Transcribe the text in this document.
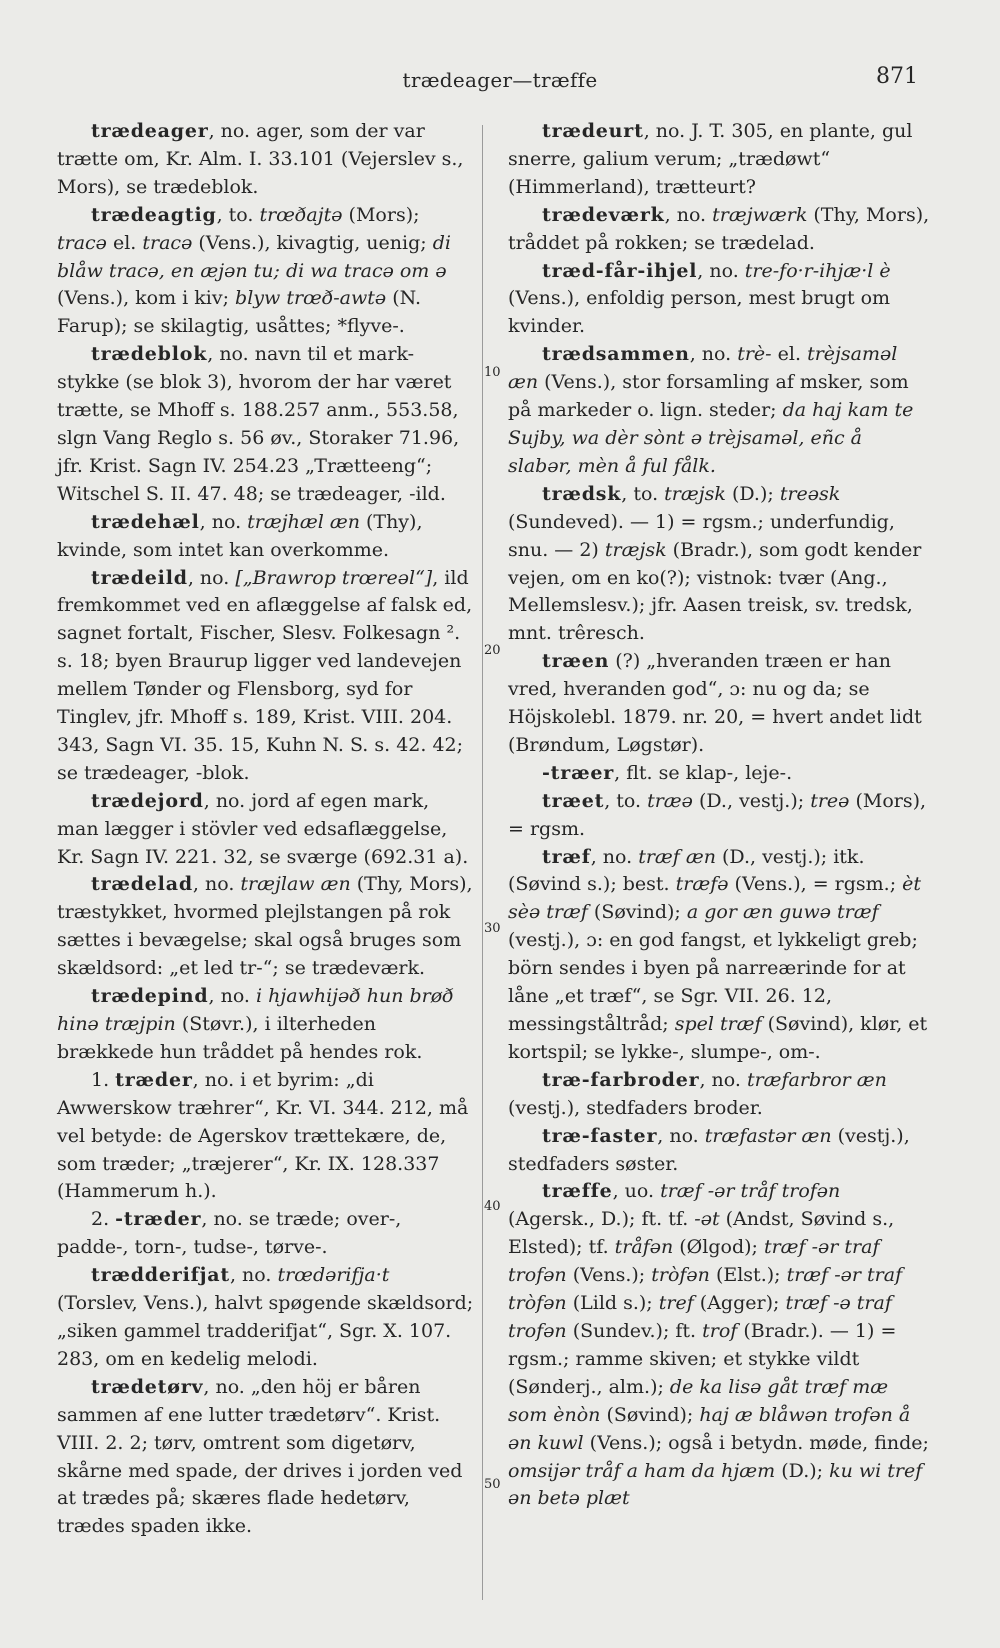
trædeager—træffe	871

trædeager, no. ager, som der var trætte om, Kr. Alm. I. 33.101 (Vejerslev s., Mors), se trædeblok.

trædeagtig, to. trœðajtə (Mors); tracə el. tracə (Vens.), kivagtig, uenig; di blåw tracə, en æjən tu; di wa tracə om ə (Vens.), kom i kiv; blyw trœð-awtə (N. Farup); se skilagtig, usåttes; *flyve-.

trædeblok, no. navn til et mark-stykke (se blok 3), hvorom der har været trætte, se Mhoff s. 188.257 anm., 553.58, slgn Vang Reglo s. 56 øv., Storaker 71.96, jfr. Krist. Sagn IV. 254.23 „Trætteeng“; Witschel S. II. 47. 48; se trædeager, -ild.

trædehæl, no. træjhæl æn (Thy), kvinde, som intet kan overkomme.

trædeild, no. [„Brawrop trœreəl“], ild fremkommet ved en aflæggelse af falsk ed, sagnet fortalt, Fischer, Slesv. Folkesagn ². s. 18; byen Braurup ligger ved landevejen mellem Tønder og Flensborg, syd for Tinglev, jfr. Mhoff s. 189, Krist. VIII. 204. 343, Sagn VI. 35. 15, Kuhn N. S. s. 42. 42; se trædeager, -blok.

trædejord, no. jord af egen mark, man lægger i stövler ved edsaflæggelse, Kr. Sagn IV. 221. 32, se sværge (692.31 a).

trædelad, no. træjlaw æn (Thy, Mors), træstykket, hvormed plejlstangen på rok sættes i bevægelse; skal også bruges som skældsord: „et led tr-“; se trædeværk.

trædepind, no. i hjawhijəð hun brøð hinə træjpin (Støvr.), i ilterheden brækkede hun tråddet på hendes rok.

1. træder, no. i et byrim: „di Awwerskow træhrer“, Kr. VI. 344. 212, må vel betyde: de Agerskov trættekære, de, som træder; „træjerer“, Kr. IX. 128.337 (Hammerum h.).

2. -træder, no. se træde; over-, padde-, torn-, tudse-, tørve-.

trædderifjat, no. trœdərifja·t (Torslev, Vens.), halvt spøgende skældsord; „siken gammel tradderifjat“, Sgr. X. 107. 283, om en kedelig melodi.

trædetørv, no. „den höj er båren sammen af ene lutter trædetørv“. Krist. VIII. 2. 2; tørv, omtrent som digetørv, skårne med spade, der drives i jorden ved at trædes på; skæres flade hedetørv, trædes spaden ikke.

trædeurt, no. J. T. 305, en plante, gul snerre, galium verum; „trædøwt“ (Himmerland), trætteurt?

trædeværk, no. træjwærk (Thy, Mors), tråddet på rokken; se trædelad.

træd-får-ihjel, no. tre-fo·r-ihjæ·l è (Vens.), enfoldig person, mest brugt om kvinder.

trædsammen, no. trè- el. trèjsaməl æn (Vens.), stor forsamling af msker, som på markeder o. lign. steder; da haj kam te Sujby, wa dèr sònt ə trèjsaməl, eñc å slabər, mèn å ful fålk.

trædsk, to. træjsk (D.); treəsk (Sundeved). — 1) = rgsm.; underfundig, snu. — 2) træjsk (Bradr.), som godt kender vejen, om en ko(?); vistnok: tvær (Ang., Mellemslesv.); jfr. Aasen treisk, sv. tredsk, mnt. trêresch.

træen (?) „hveranden træen er han vred, hveranden god“, ɔ: nu og da; se Höjskolebl. 1879. nr. 20, = hvert andet lidt (Brøndum, Løgstør).

-træer, flt. se klap-, leje-.

træet, to. træə (D., vestj.); treə (Mors), = rgsm.

træf, no. træf æn (D., vestj.); itk. (Søvind s.); best. træfə (Vens.), = rgsm.; èt sèə træf (Søvind); a gor æn guwə træf (vestj.), ɔ: en god fangst, et lykkeligt greb; börn sendes i byen på narreærinde for at låne „et træf“, se Sgr. VII. 26. 12, messingståltråd; spel træf (Søvind), klør, et kortspil; se lykke-, slumpe-, om-.

træ-farbroder, no. træfarbror æn (vestj.), stedfaders broder.

træ-faster, no. træfastər æn (vestj.), stedfaders søster.

træffe, uo. træf -ər tråf trofən (Agersk., D.); ft. tf. -ət (Andst, Søvind s., Elsted); tf. tråfən (Ølgod); træf -ər traf trofən (Vens.); tròfən (Elst.); træf -ər traf tròfən (Lild s.); tref (Agger); træf -ə traf trofən (Sundev.); ft. trof (Bradr.). — 1) = rgsm.; ramme skiven; et stykke vildt (Sønderj., alm.); de ka lisə gåt træf mæ som ènòn (Søvind); haj æ blåwən trofən å ən kuwl (Vens.); også i betydn. møde, finde; omsijər tråf a ham da hjæm (D.); ku wi tref ən betə plæt

10
20
30
40
50
